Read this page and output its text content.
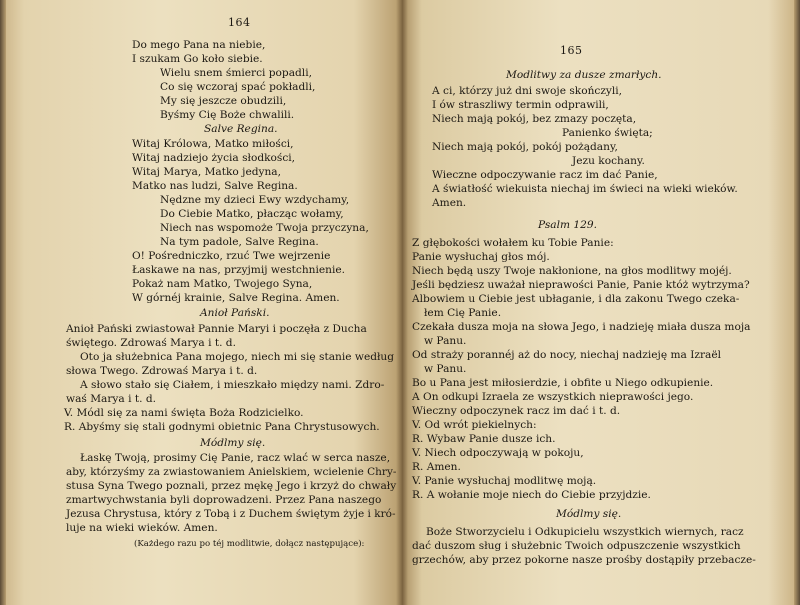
164
Do mego Pana na niebie,
I szukam Go koło siebie.
Wielu snem śmierci popadli,
Co się wczoraj spać pokładli,
My się jeszcze obudzili,
Byśmy Cię Boże chwalili.
Salve Regina.
Witaj Królowa, Matko miłości,
Witaj nadziejo życia słodkości,
Witaj Marya, Matko jedyna,
Matko nas ludzi, Salve Regina.
Nędzne my dzieci Ewy wzdychamy,
Do Ciebie Matko, płacząc wołamy,
Niech nas wspomoże Twoja przyczyna,
Na tym padole, Salve Regina.
O! Pośredniczko, rzuć Twe wejrzenie
Łaskawe na nas, przyjmij westchnienie.
Pokaż nam Matko, Twojego Syna,
W górnéj krainie, Salve Regina. Amen.
Anioł Pański.
Anioł Pański zwiastował Pannie Maryi i poczęła z Ducha
świętego. Zdrowaś Marya i t. d.
Oto ja służebnica Pana mojego, niech mi się stanie według
słowa Twego. Zdrowaś Marya i t. d.
A słowo stało się Ciałem, i mieszkało między nami. Zdro-
waś Marya i t. d.
V. Módl się za nami święta Boża Rodzicielko.
R. Abyśmy się stali godnymi obietnic Pana Chrystusowych.
Módlmy się.
Łaskę Twoją, prosimy Cię Panie, racz wlać w serca nasze,
aby, którzyśmy za zwiastowaniem Anielskiem, wcielenie Chry-
stusa Syna Twego poznali, przez mękę Jego i krzyż do chwały
zmartwychwstania byli doprowadzeni. Przez Pana naszego
Jezusa Chrystusa, który z Tobą i z Duchem świętym żyje i kró-
luje na wieki wieków. Amen.
(Każdego razu po téj modlitwie, dołącz następujące):
165
Modlitwy za dusze zmarłych.
A ci, którzy już dni swoje skończyli,
I ów straszliwy termin odprawili,
Niech mają pokój, bez zmazy poczęta,
Panienko święta;
Niech mają pokój, pokój pożądany,
Jezu kochany.
Wieczne odpoczywanie racz im dać Panie,
A światłość wiekuista niechaj im świeci na wieki wieków.
Amen.
Psalm 129.
Z głębokości wołałem ku Tobie Panie:
Panie wysłuchaj głos mój.
Niech będą uszy Twoje nakłonione, na głos modlitwy mojéj.
Jeśli będziesz uważał nieprawości Panie, Panie któż wytrzyma?
Albowiem u Ciebie jest ubłaganie, i dla zakonu Twego czeka-
łem Cię Panie.
Czekała dusza moja na słowa Jego, i nadzieję miała dusza moja
w Panu.
Od straży porannéj aż do nocy, niechaj nadzieję ma Izraël
w Panu.
Bo u Pana jest miłosierdzie, i obfite u Niego odkupienie.
A On odkupi Izraela ze wszystkich nieprawości jego.
Wieczny odpoczynek racz im dać i t. d.
V. Od wrót piekielnych:
R. Wybaw Panie dusze ich.
V. Niech odpoczywają w pokoju,
R. Amen.
V. Panie wysłuchaj modlitwę moją.
R. A wołanie moje niech do Ciebie przyjdzie.
Módlmy się.
Boże Stworzycielu i Odkupicielu wszystkich wiernych, racz
dać duszom sług i służebnic Twoich odpuszczenie wszystkich
grzechów, aby przez pokorne nasze prośby dostąpiły przebacze-
